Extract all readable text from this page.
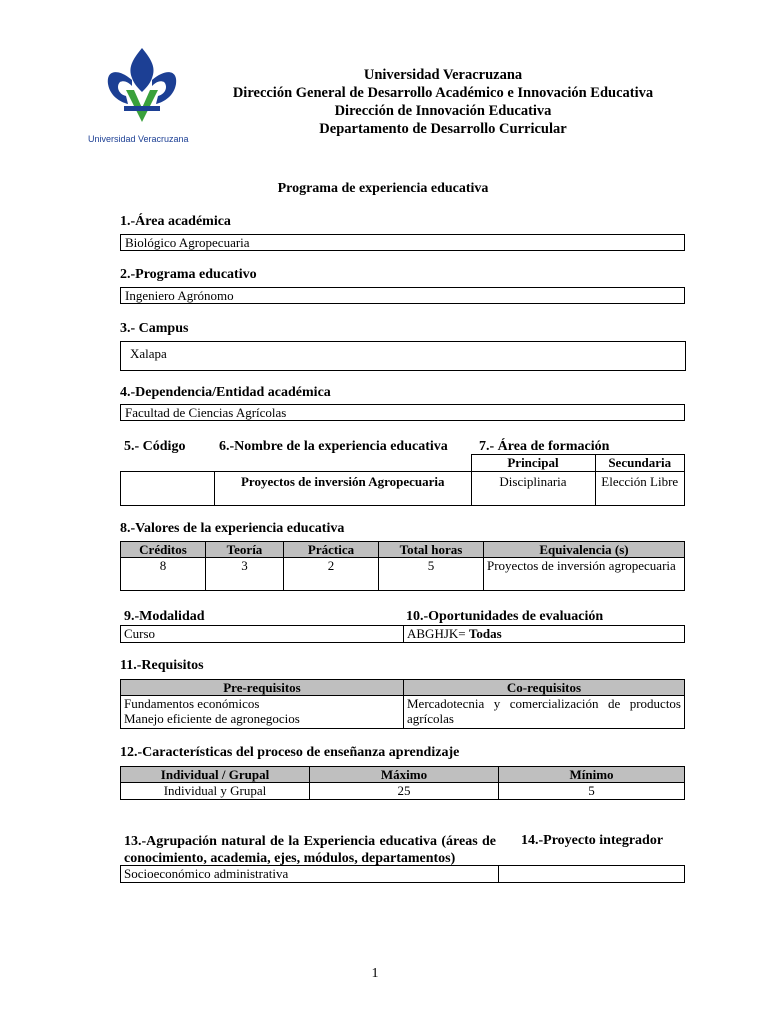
Universidad Veracruzana
Universidad Veracruzana
Dirección General de Desarrollo Académico e Innovación Educativa
Dirección de Innovación Educativa
Departamento de Desarrollo Curricular
Programa de experiencia educativa
1.-Área académica
Biológico Agropecuaria
2.-Programa educativo
Ingeniero Agrónomo
3.- Campus
Xalapa
4.-Dependencia/Entidad académica
Facultad de Ciencias Agrícolas
5.- Código 6.-Nombre de la experiencia educativa 7.- Área de formación
		Principal	Secundaria
	Proyectos de inversión Agropecuaria	Disciplinaria	Elección Libre
8.-Valores de la experiencia educativa
Créditos	Teoría	Práctica	Total horas	Equivalencia (s)
8	3	2	5	Proyectos de inversión agropecuaria
9.-Modalidad	10.-Oportunidades de evaluación
Curso	ABGHJK= Todas
11.-Requisitos
Pre-requisitos	Co-requisitos

Fundamentos económicos
Manejo eficiente de agronegocios	Mercadotecnia y comercialización de productos agrícolas
12.-Características del proceso de enseñanza aprendizaje
Individual / Grupal	Máximo	Mínimo
Individual y Grupal	25	5
13.-Agrupación natural de la Experiencia educativa (áreas de conocimiento, academia, ejes, módulos, departamentos)
14.-Proyecto integrador
Socioeconómico administrativa	
1
